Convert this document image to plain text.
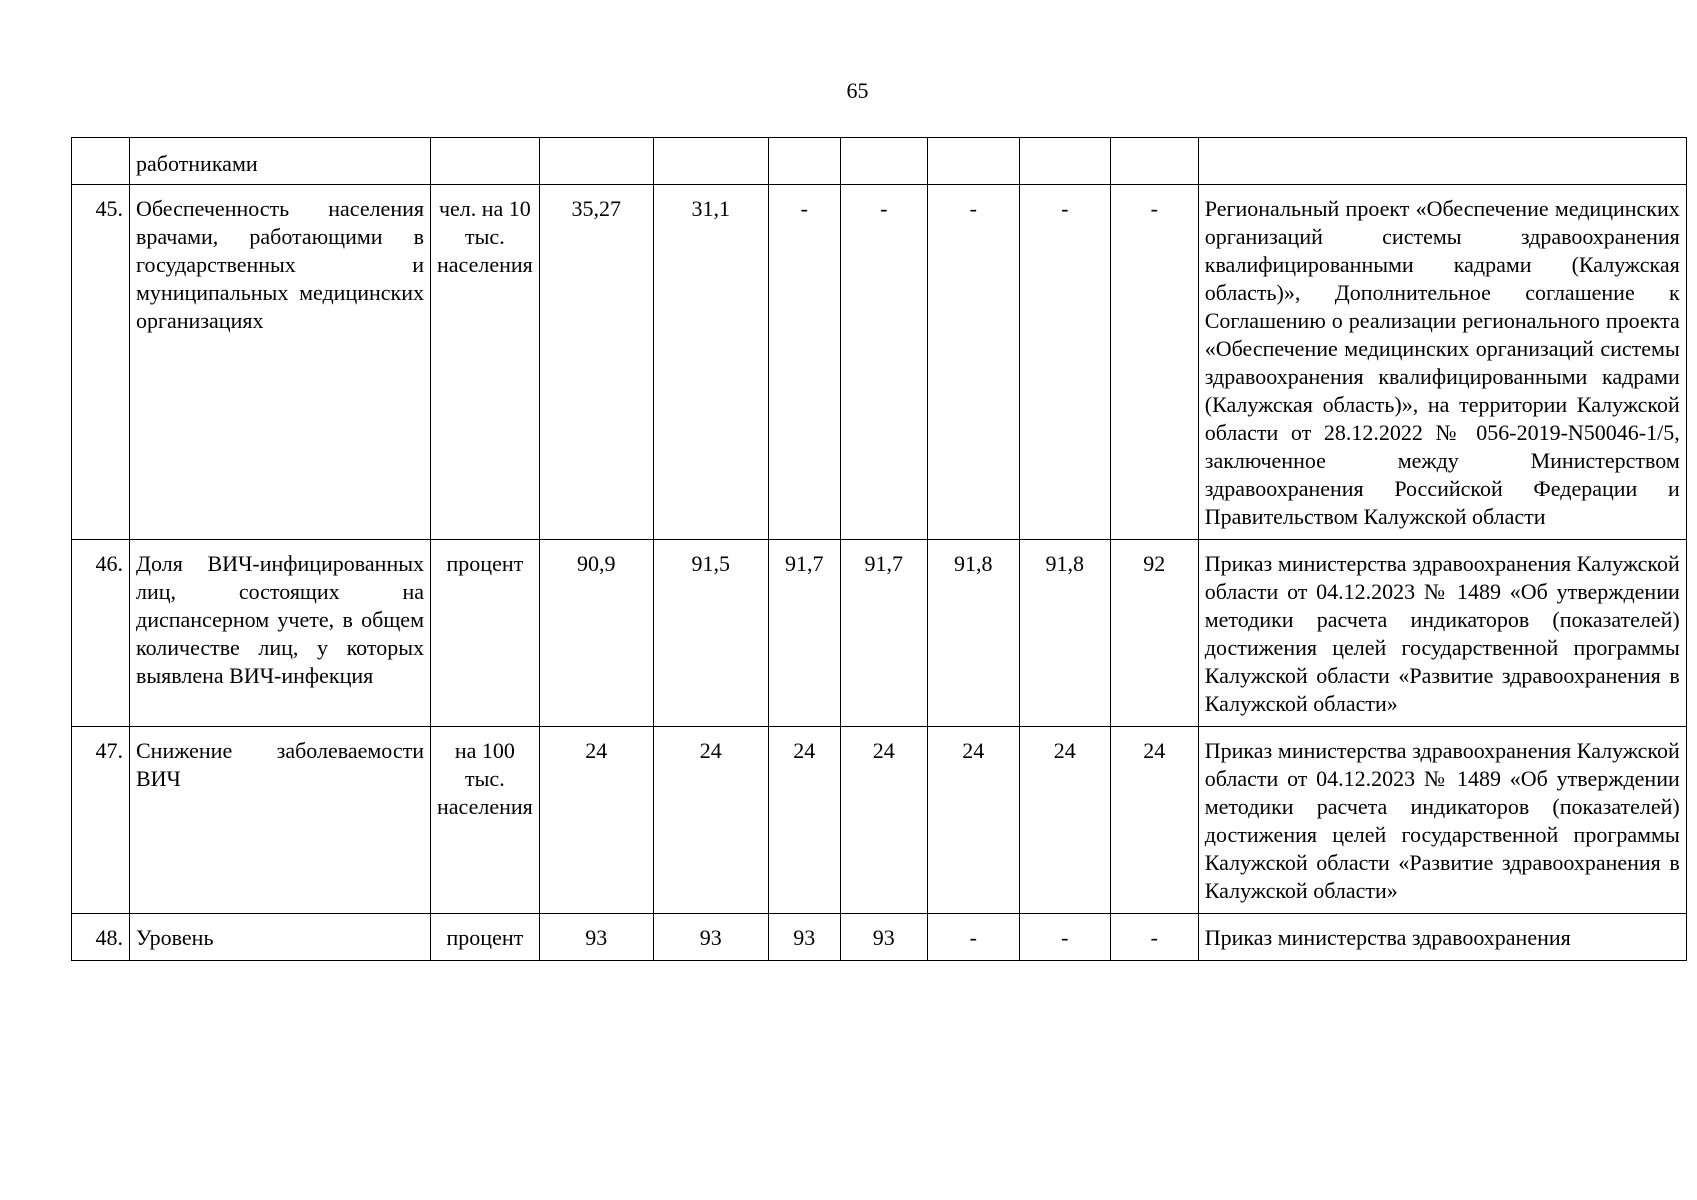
65
	работниками									
45.	Обеспеченность населения врачами, работающими в государственных и муниципальных медицинских организациях	чел. на 10 тыс. населения	35,27	31,1	-	-	-	-	-	Региональный проект «Обеспечение медицинских организаций системы здравоохранения квалифицированными кадрами (Калужская область)», Дополнительное соглашение к Соглашению о реализации регионального проекта «Обеспечение медицинских организаций системы здравоохранения квалифицированными кадрами (Калужская область)», на территории Калужской области от 28.12.2022 № 056-2019-N50046-1/5, заключенное между Министерством здравоохранения Российской Федерации и Правительством Калужской области
46.	Доля ВИЧ-инфицированных лиц, состоящих на диспансерном учете, в общем количестве лиц, у которых выявлена ВИЧ-инфекция	процент	90,9	91,5	91,7	91,7	91,8	91,8	92	Приказ министерства здравоохранения Калужской области от 04.12.2023 № 1489 «Об утверждении методики расчета индикаторов (показателей) достижения целей государственной программы Калужской области «Развитие здравоохранения в Калужской области»
47.	Снижение заболеваемости ВИЧ	на 100 тыс. населения	24	24	24	24	24	24	24	Приказ министерства здравоохранения Калужской области от 04.12.2023 № 1489 «Об утверждении методики расчета индикаторов (показателей) достижения целей государственной программы Калужской области «Развитие здравоохранения в Калужской области»
48.	Уровень	процент	93	93	93	93	-	-	-	Приказ министерства здравоохранения
